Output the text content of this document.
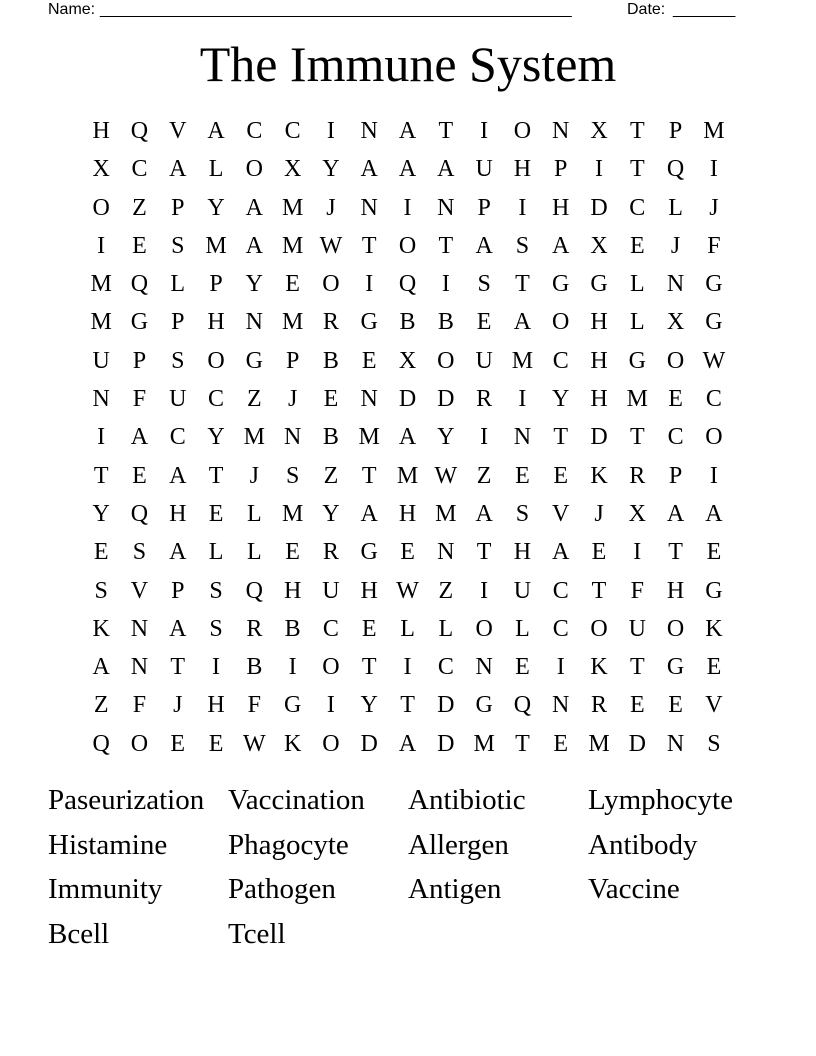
Name: _____________________________________________________	Date: _______
The Immune System
H Q V A C C	I	N A T	I	O N X T	P M
X C A L O X Y A A A U H P	I	T Q	I
O Z	P Y A M J	N	I	N P	I	H D C L	J
I	E	S M A M W T O T A S A X E	J	F
M Q L	P Y E O	I	Q	I	S	T G G L N G
M G P H N M R G B B E A O H L X G
U P	S O G P B E X O U M C H G O W
N F U C Z	J	E N D D R	I	Y H M E C
I	A C Y M N B M A Y	I	N T D T C O
T E A T	J	S	Z T M W Z E E K R P	I
Y Q H E L M Y A H M A S V	J	X A A
E	S A L L E R G E N T H A E	I	T E
S V P	S Q H U H W Z	I	U C T	F H G
K N A S R B C E L L O L C O U O K
A N T	I	B	I	O T	I	C N E	I	K T G E
Z	F	J	H F G	I	Y T D G Q N R E E V
Q O E E W K O D A D M T E M D N S
Paseurization Vaccination	Antibiotic	Lymphocyte
Histamine	Phagocyte	Allergen	Antibody
Immunity	Pathogen	Antigen	Vaccine
Bcell	Tcell
